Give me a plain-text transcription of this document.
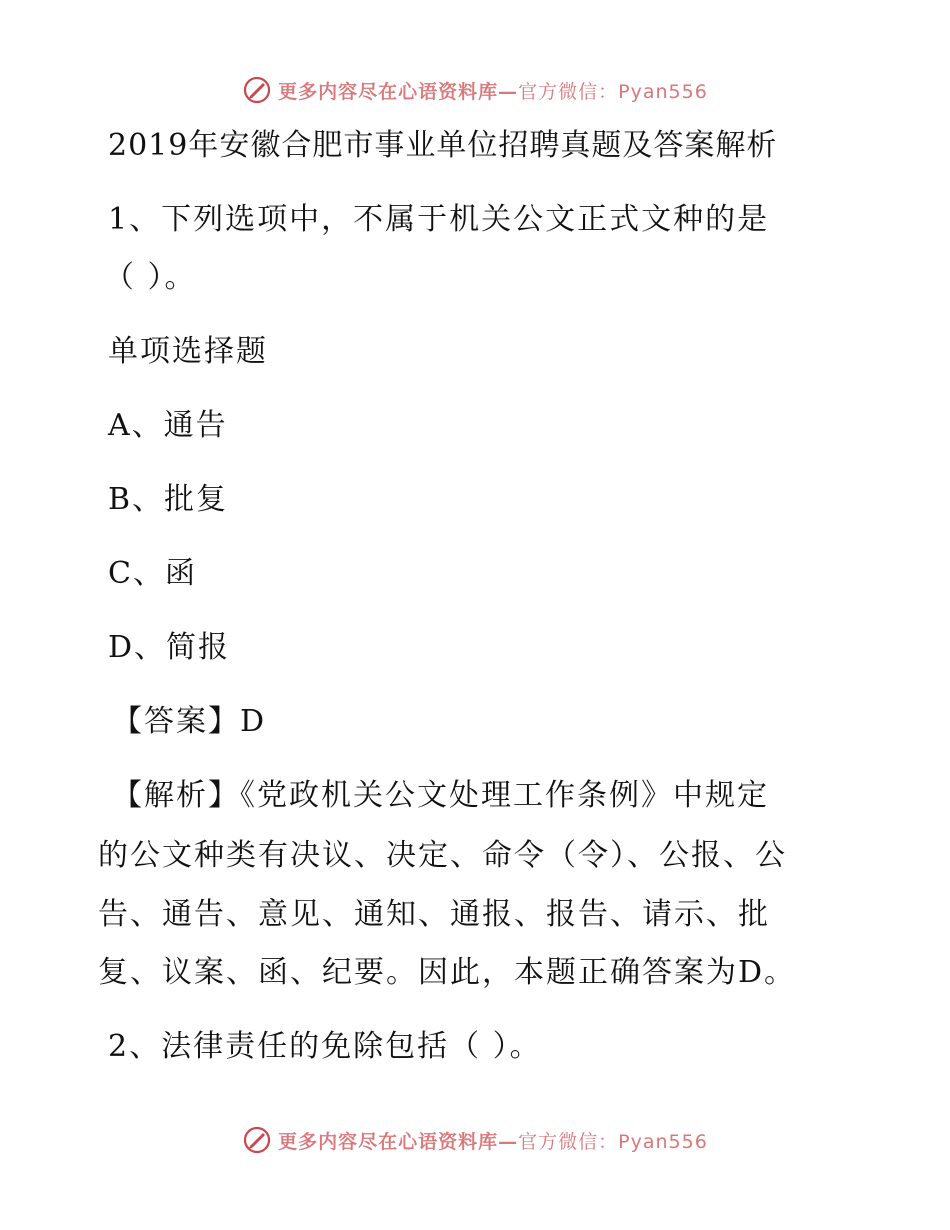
更多内容尽在心语资料库—官方微信：Pyan556
2019年安徽合肥市事业单位招聘真题及答案解析
1、下列选项中，不属于机关公文正式文种的是
（ ）。
单项选择题
A、通告
B、批复
C、函
D、简报
【答案】D
【解析】《党政机关公文处理工作条例》中规定
的公文种类有决议、决定、命令（令）、公报、公
告、通告、意见、通知、通报、报告、请示、批
复、议案、函、纪要。因此，本题正确答案为D。
2、法律责任的免除包括（ ）。
更多内容尽在心语资料库—官方微信：Pyan556
